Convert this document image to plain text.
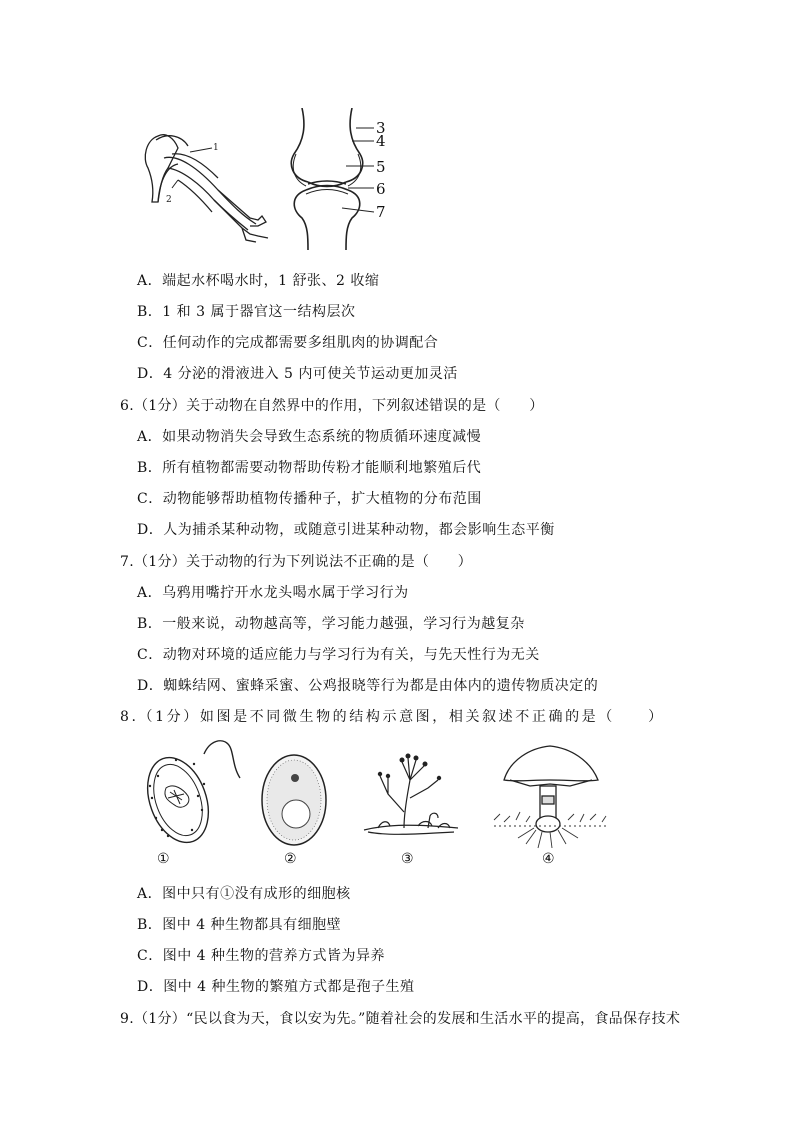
1
2
3
4
5
6
7
A．端起水杯喝水时，1 舒张、2 收缩
B．1 和 3 属于器官这一结构层次
C．任何动作的完成都需要多组肌肉的协调配合
D．4 分泌的滑液进入 5 内可使关节运动更加灵活
6.（1分）关于动物在自然界中的作用，下列叙述错误的是（　　）
A．如果动物消失会导致生态系统的物质循环速度减慢
B．所有植物都需要动物帮助传粉才能顺利地繁殖后代
C．动物能够帮助植物传播种子，扩大植物的分布范围
D．人为捕杀某种动物，或随意引进某种动物，都会影响生态平衡
7.（1分）关于动物的行为下列说法不正确的是（　　）
A．乌鸦用嘴拧开水龙头喝水属于学习行为
B．一般来说，动物越高等，学习能力越强，学习行为越复杂
C．动物对环境的适应能力与学习行为有关，与先天性行为无关
D．蜘蛛结网、蜜蜂采蜜、公鸡报晓等行为都是由体内的遗传物质决定的
8.（1分）如图是不同微生物的结构示意图，相关叙述不正确的是（　　）
①	②	③	④
A．图中只有①没有成形的细胞核
B．图中 4 种生物都具有细胞壁
C．图中 4 种生物的营养方式皆为异养
D．图中 4 种生物的繁殖方式都是孢子生殖
9.（1分）“民以食为天，食以安为先。”随着社会的发展和生活水平的提高，食品保存技术
